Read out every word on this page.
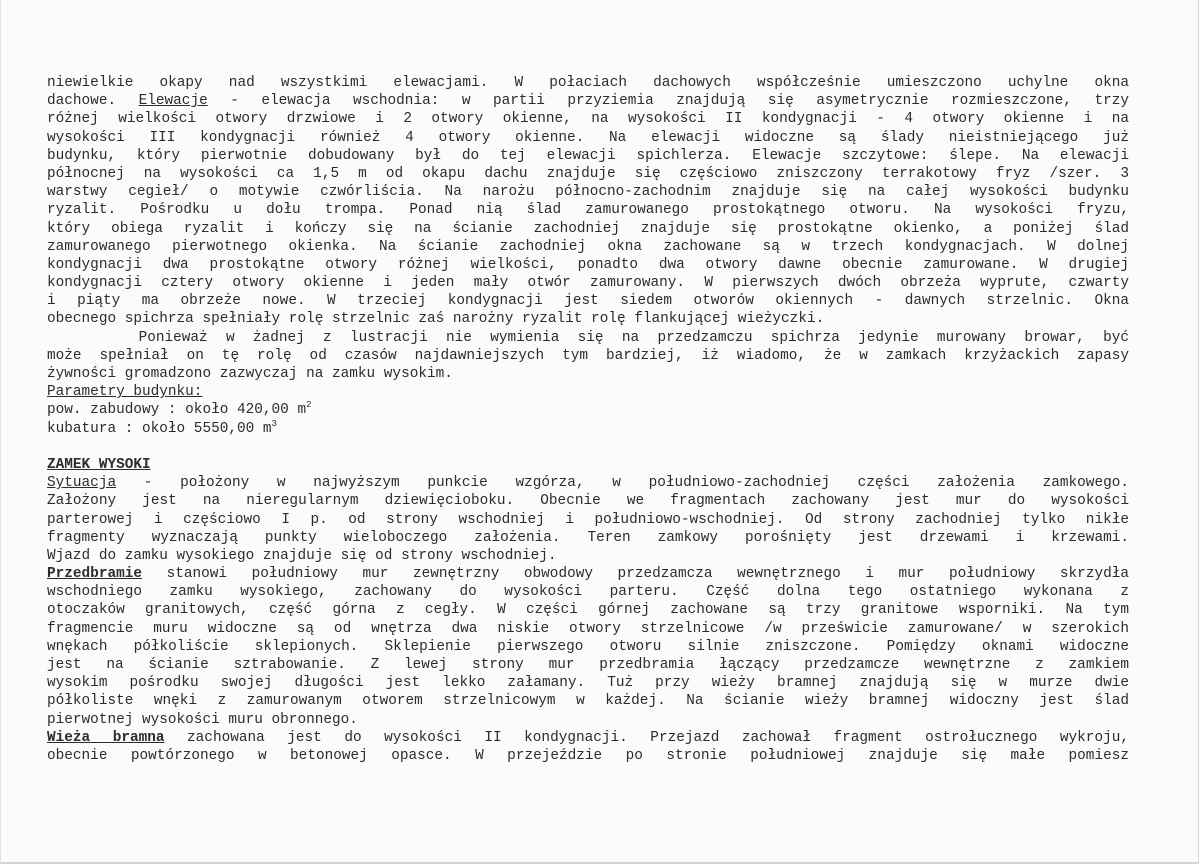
niewielkie okapy nad wszystkimi elewacjami. W połaciach dachowych współcześnie umieszczono uchylne okna
dachowe. Elewacje - elewacja wschodnia: w partii przyziemia znajdują się asymetrycznie rozmieszczone, trzy
różnej wielkości otwory drzwiowe i 2 otwory okienne, na wysokości II kondygnacji - 4 otwory okienne i na
wysokości III kondygnacji również 4 otwory okienne. Na elewacji widoczne są ślady nieistniejącego już
budynku, który pierwotnie dobudowany był do tej elewacji spichlerza. Elewacje szczytowe: ślepe. Na elewacji
północnej na wysokości ca 1,5 m od okapu dachu znajduje się częściowo zniszczony terrakotowy fryz /szer. 3
warstwy cegieł/ o motywie czwórliścia. Na narożu północno-zachodnim znajduje się na całej wysokości budynku
ryzalit. Pośrodku u dołu trompa. Ponad nią ślad zamurowanego prostokątnego otworu. Na wysokości fryzu,
który obiega ryzalit i kończy się na ścianie zachodniej znajduje się prostokątne okienko, a poniżej ślad
zamurowanego pierwotnego okienka. Na ścianie zachodniej okna zachowane są w trzech kondygnacjach. W dolnej
kondygnacji dwa prostokątne otwory różnej wielkości, ponadto dwa otwory dawne obecnie zamurowane. W drugiej
kondygnacji cztery otwory okienne i jeden mały otwór zamurowany. W pierwszych dwóch obrzeża wyprute, czwarty
i piąty ma obrzeże nowe. W trzeciej kondygnacji jest siedem otworów okiennych - dawnych strzelnic. Okna
obecnego spichrza spełniały rolę strzelnic zaś narożny ryzalit rolę flankującej wieżyczki.
Ponieważ w żadnej z lustracji nie wymienia się na przedzamczu spichrza jedynie murowany browar, być
może spełniał on tę rolę od czasów najdawniejszych tym bardziej, iż wiadomo, że w zamkach krzyżackich zapasy
żywności gromadzono zazwyczaj na zamku wysokim.
Parametry budynku:
pow. zabudowy : około 420,00 $m^2$
kubatura : około 5550,00 $m^3$
ZAMEK WYSOKI
Sytuacja - położony w najwyższym punkcie wzgórza, w południowo-zachodniej części założenia zamkowego.
Założony jest na nieregularnym dziewięcioboku. Obecnie we fragmentach zachowany jest mur do wysokości
parterowej i częściowo I p. od strony wschodniej i południowo-wschodniej. Od strony zachodniej tylko nikłe
fragmenty wyznaczają punkty wieloboczego założenia. Teren zamkowy porośnięty jest drzewami i krzewami.
Wjazd do zamku wysokiego znajduje się od strony wschodniej.
Przedbramie stanowi południowy mur zewnętrzny obwodowy przedzamcza wewnętrznego i mur południowy skrzydła
wschodniego zamku wysokiego, zachowany do wysokości parteru. Część dolna tego ostatniego wykonana z
otoczaków granitowych, część górna z cegły. W części górnej zachowane są trzy granitowe wsporniki. Na tym
fragmencie muru widoczne są od wnętrza dwa niskie otwory strzelnicowe /w prześwicie zamurowane/ w szerokich
wnękach półkoliście sklepionych. Sklepienie pierwszego otworu silnie zniszczone. Pomiędzy oknami widoczne
jest na ścianie sztrabowanie. Z lewej strony mur przedbramia łączący przedzamcze wewnętrzne z zamkiem
wysokim pośrodku swojej długości jest lekko załamany. Tuż przy wieży bramnej znajdują się w murze dwie
półkoliste wnęki z zamurowanym otworem strzelnicowym w każdej. Na ścianie wieży bramnej widoczny jest ślad
pierwotnej wysokości muru obronnego.
Wieża bramna zachowana jest do wysokości II kondygnacji. Przejazd zachował fragment ostrołucznego wykroju,
obecnie powtórzonego w betonowej opasce. W przejeździe po stronie południowej znajduje się małe pomiesz
